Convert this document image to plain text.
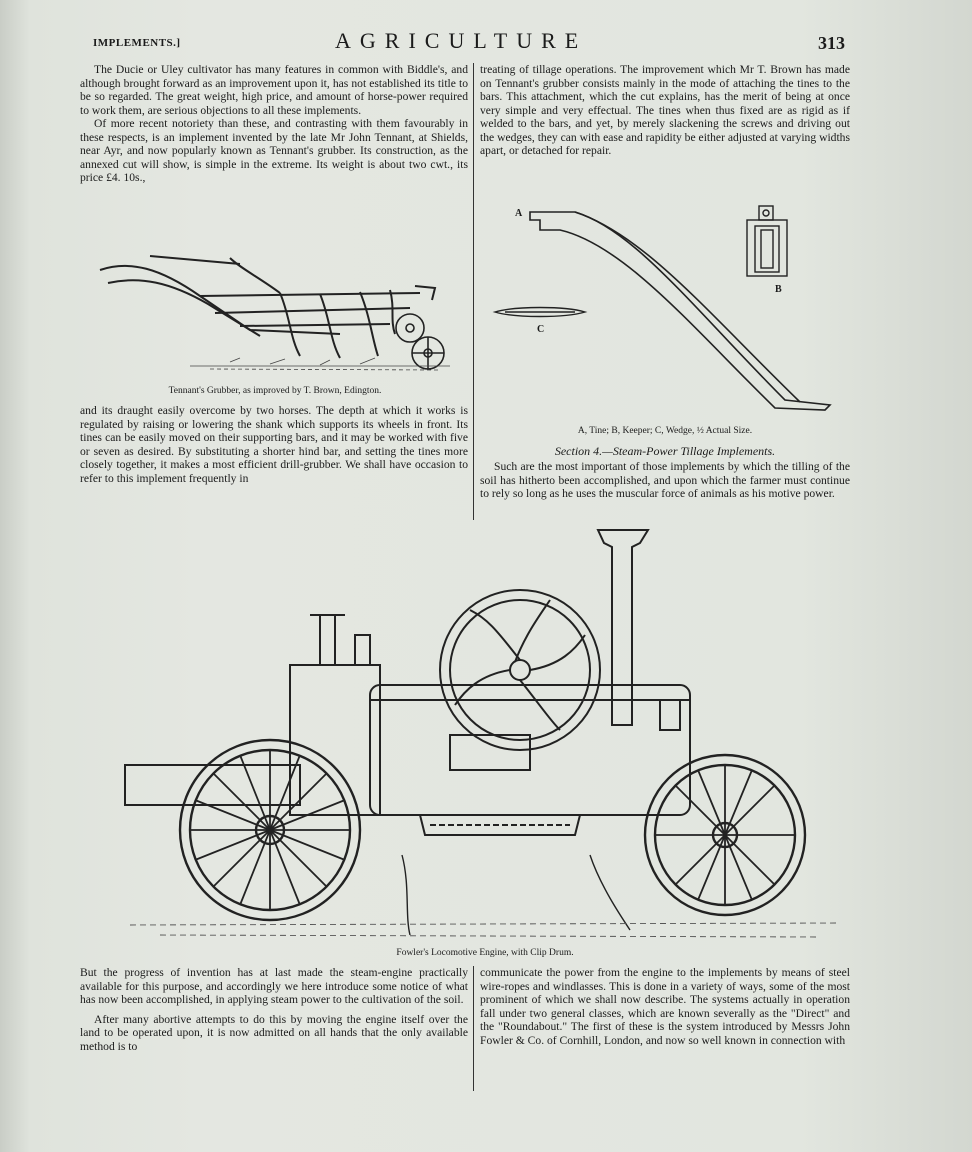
IMPLEMENTS.]	AGRICULTURE	313

The Ducie or Uley cultivator has many features in common with Biddle's, and although brought forward as an improvement upon it, has not established its title to be so regarded. The great weight, high price, and amount of horse-power required to work them, are serious objections to all these implements.

Of more recent notoriety than these, and contrasting with them favourably in these respects, is an implement invented by the late Mr John Tennant, at Shields, near Ayr, and now popularly known as Tennant's grubber. Its construction, as the annexed cut will show, is simple in the extreme. Its weight is about two cwt., its price £4. 10s.,

Tennant's Grubber, as improved by T. Brown, Edington.

and its draught easily overcome by two horses. The depth at which it works is regulated by raising or lowering the shank which supports its wheels in front. Its tines can be easily moved on their supporting bars, and it may be worked with five or seven as desired. By substituting a shorter hind bar, and setting the tines more closely together, it makes a most efficient drill-grubber. We shall have occasion to refer to this implement frequently in

treating of tillage operations. The improvement which Mr T. Brown has made on Tennant's grubber consists mainly in the mode of attaching the tines to the bars. This attachment, which the cut explains, has the merit of being at once very simple and very effectual. The tines when thus fixed are as rigid as if welded to the bars, and yet, by merely slackening the screws and driving out the wedges, they can with ease and rapidity be either adjusted at varying widths apart, or detached for repair.

A
B
C
A, Tine; B, Keeper; C, Wedge, ½ Actual Size.
Section 4.—Steam-Power Tillage Implements.

Such are the most important of those implements by which the tilling of the soil has hitherto been accomplished, and upon which the farmer must continue to rely so long as he uses the muscular force of animals as his motive power.

Fowler's Locomotive Engine, with Clip Drum.

But the progress of invention has at last made the steam-engine practically available for this purpose, and accordingly we here introduce some notice of what has now been accomplished, in applying steam power to the cultivation of the soil.

After many abortive attempts to do this by moving the engine itself over the land to be operated upon, it is now admitted on all hands that the only available method is to

communicate the power from the engine to the implements by means of steel wire-ropes and windlasses. This is done in a variety of ways, some of the most prominent of which we shall now describe. The systems actually in operation fall under two general classes, which are known severally as the "Direct" and the "Roundabout." The first of these is the system introduced by Messrs John Fowler & Co. of Cornhill, London, and now so well known in connection with
